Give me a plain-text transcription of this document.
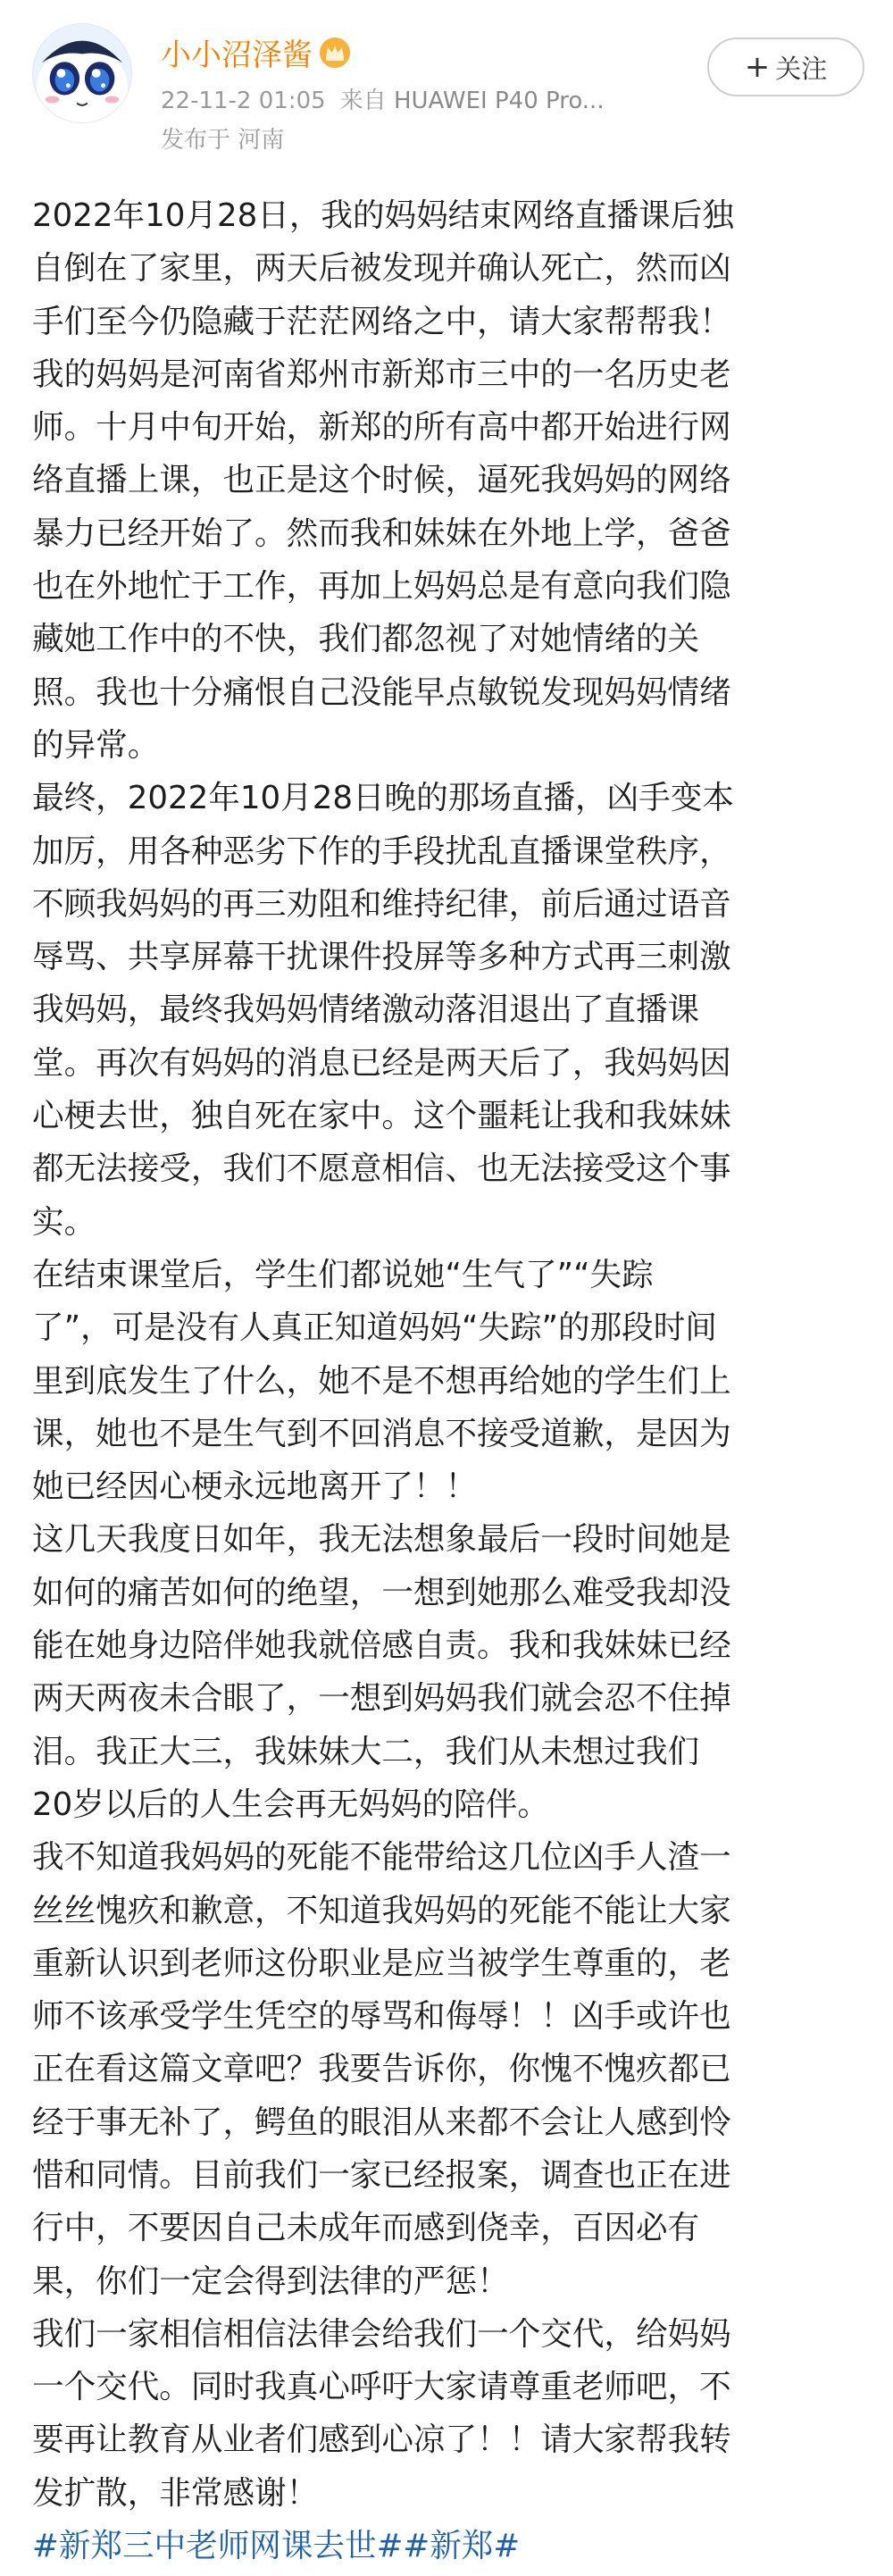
小小沼泽酱
22-11-2 01:05 来自 HUAWEI P40 Pro...
发布于 河南
+ 关注
2022年10月28日，我的妈妈结束网络直播课后独
自倒在了家里，两天后被发现并确认死亡，然而凶
手们至今仍隐藏于茫茫网络之中，请大家帮帮我！
我的妈妈是河南省郑州市新郑市三中的一名历史老
师。十月中旬开始，新郑的所有高中都开始进行网
络直播上课，也正是这个时候，逼死我妈妈的网络
暴力已经开始了。然而我和妹妹在外地上学，爸爸
也在外地忙于工作，再加上妈妈总是有意向我们隐
藏她工作中的不快，我们都忽视了对她情绪的关
照。我也十分痛恨自己没能早点敏锐发现妈妈情绪
的异常。
最终，2022年10月28日晚的那场直播，凶手变本
加厉，用各种恶劣下作的手段扰乱直播课堂秩序，
不顾我妈妈的再三劝阻和维持纪律，前后通过语音
辱骂、共享屏幕干扰课件投屏等多种方式再三刺激
我妈妈，最终我妈妈情绪激动落泪退出了直播课
堂。再次有妈妈的消息已经是两天后了，我妈妈因
心梗去世，独自死在家中。这个噩耗让我和我妹妹
都无法接受，我们不愿意相信、也无法接受这个事
实。
在结束课堂后，学生们都说她“生气了”“失踪
了”，可是没有人真正知道妈妈“失踪”的那段时间
里到底发生了什么，她不是不想再给她的学生们上
课，她也不是生气到不回消息不接受道歉，是因为
她已经因心梗永远地离开了！！
这几天我度日如年，我无法想象最后一段时间她是
如何的痛苦如何的绝望，一想到她那么难受我却没
能在她身边陪伴她我就倍感自责。我和我妹妹已经
两天两夜未合眼了，一想到妈妈我们就会忍不住掉
泪。我正大三，我妹妹大二，我们从未想过我们
20岁以后的人生会再无妈妈的陪伴。
我不知道我妈妈的死能不能带给这几位凶手人渣一
丝丝愧疚和歉意，不知道我妈妈的死能不能让大家
重新认识到老师这份职业是应当被学生尊重的，老
师不该承受学生凭空的辱骂和侮辱！！凶手或许也
正在看这篇文章吧？我要告诉你，你愧不愧疚都已
经于事无补了，鳄鱼的眼泪从来都不会让人感到怜
惜和同情。目前我们一家已经报案，调查也正在进
行中，不要因自己未成年而感到侥幸，百因必有
果，你们一定会得到法律的严惩！
我们一家相信相信法律会给我们一个交代，给妈妈
一个交代。同时我真心呼吁大家请尊重老师吧，不
要再让教育从业者们感到心凉了！！请大家帮我转
发扩散，非常感谢！
#新郑三中老师网课去世##新郑#
